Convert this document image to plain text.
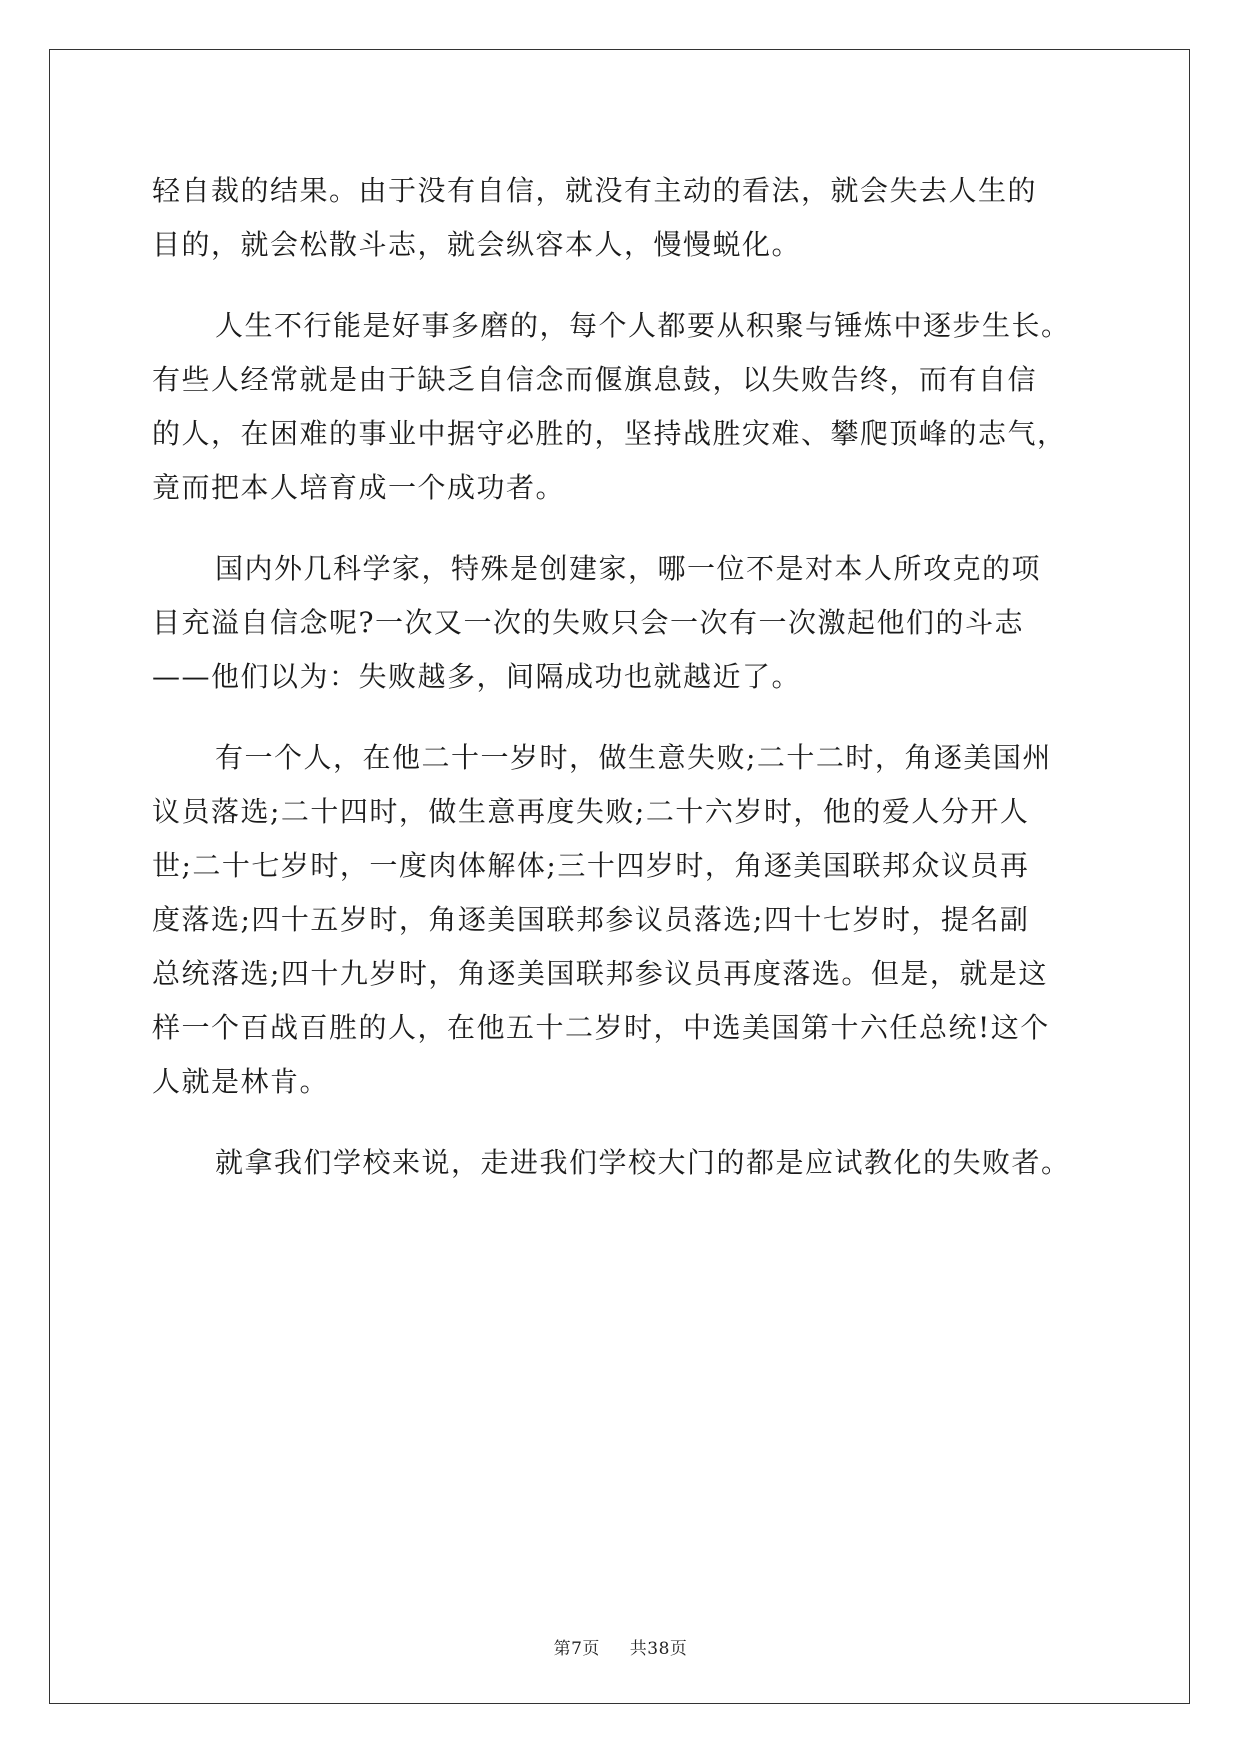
轻自裁的结果。由于没有自信，就没有主动的看法，就会失去人生的
目的，就会松散斗志，就会纵容本人，慢慢蜕化。
人生不行能是好事多磨的，每个人都要从积聚与锤炼中逐步生长。
有些人经常就是由于缺乏自信念而偃旗息鼓，以失败告终，而有自信
的人，在困难的事业中据守必胜的，坚持战胜灾难、攀爬顶峰的志气，
竟而把本人培育成一个成功者。
国内外几科学家，特殊是创建家，哪一位不是对本人所攻克的项
目充溢自信念呢?一次又一次的失败只会一次有一次激起他们的斗志
——他们以为：失败越多，间隔成功也就越近了。
有一个人，在他二十一岁时，做生意失败;二十二时，角逐美国州
议员落选;二十四时，做生意再度失败;二十六岁时，他的爱人分开人
世;二十七岁时，一度肉体解体;三十四岁时，角逐美国联邦众议员再
度落选;四十五岁时，角逐美国联邦参议员落选;四十七岁时，提名副
总统落选;四十九岁时，角逐美国联邦参议员再度落选。但是，就是这
样一个百战百胜的人，在他五十二岁时，中选美国第十六任总统!这个
人就是林肯。
就拿我们学校来说，走进我们学校大门的都是应试教化的失败者。
第7页 共38页
